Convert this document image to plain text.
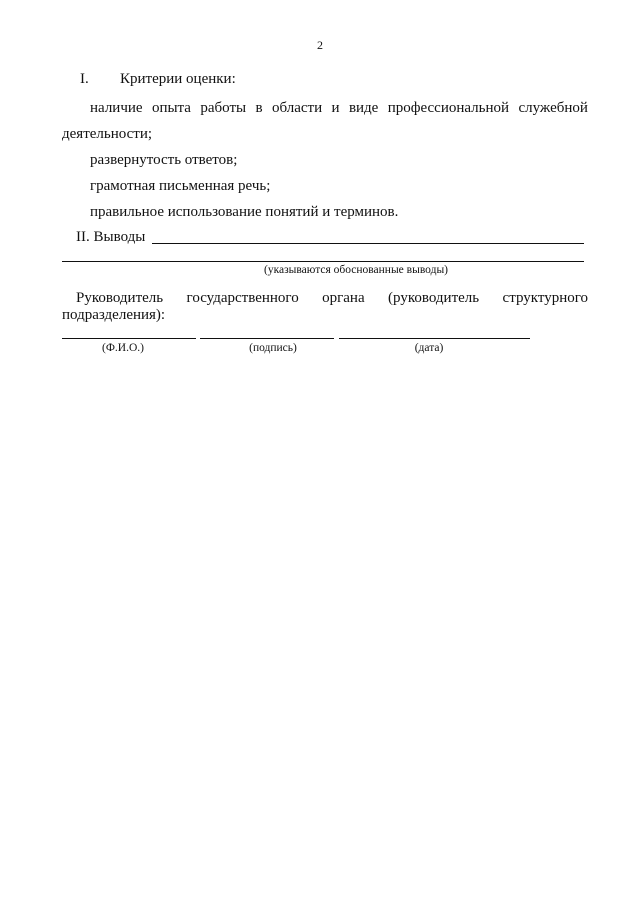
2
I. Критерии оценки:
наличие опыта работы в области и виде профессиональной служебной
деятельности;
развернутость ответов;
грамотная письменная речь;
правильное использование понятий и терминов.
II. Выводы
(указываются обоснованные выводы)
Руководитель государственного органа (руководитель структурного
подразделения):
(Ф.И.О.)	(подпись)	(дата)
